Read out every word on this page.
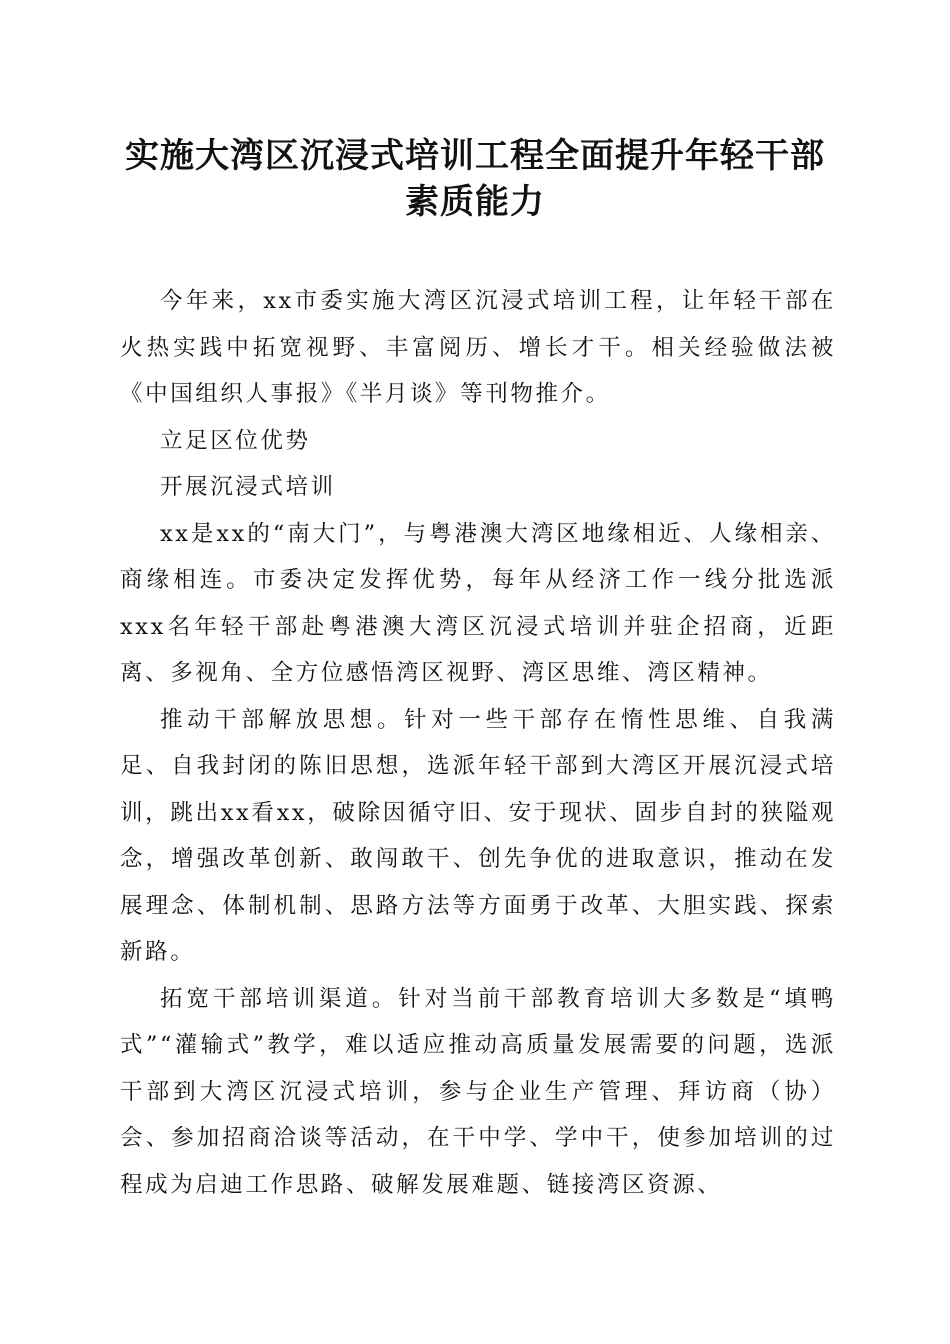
实施大湾区沉浸式培训工程全面提升年轻干部
素质能力

今年来，xx市委实施大湾区沉浸式培训工程，让年轻干部在火热实践中拓宽视野、丰富阅历、增长才干。相关经验做法被《中国组织人事报》《半月谈》等刊物推介。

立足区位优势

开展沉浸式培训

xx是xx的“南大门”，与粤港澳大湾区地缘相近、人缘相亲、商缘相连。市委决定发挥优势，每年从经济工作一线分批选派xxx名年轻干部赴粤港澳大湾区沉浸式培训并驻企招商，近距离、多视角、全方位感悟湾区视野、湾区思维、湾区精神。

推动干部解放思想。针对一些干部存在惰性思维、自我满足、自我封闭的陈旧思想，选派年轻干部到大湾区开展沉浸式培训，跳出xx看xx，破除因循守旧、安于现状、固步自封的狭隘观念，增强改革创新、敢闯敢干、创先争优的进取意识，推动在发展理念、体制机制、思路方法等方面勇于改革、大胆实践、探索新路。

拓宽干部培训渠道。针对当前干部教育培训大多数是“填鸭式”“灌输式”教学，难以适应推动高质量发展需要的问题，选派干部到大湾区沉浸式培训，参与企业生产管理、拜访商（协）会、参加招商洽谈等活动，在干中学、学中干，使参加培训的过程成为启迪工作思路、破解发展难题、链接湾区资源、
